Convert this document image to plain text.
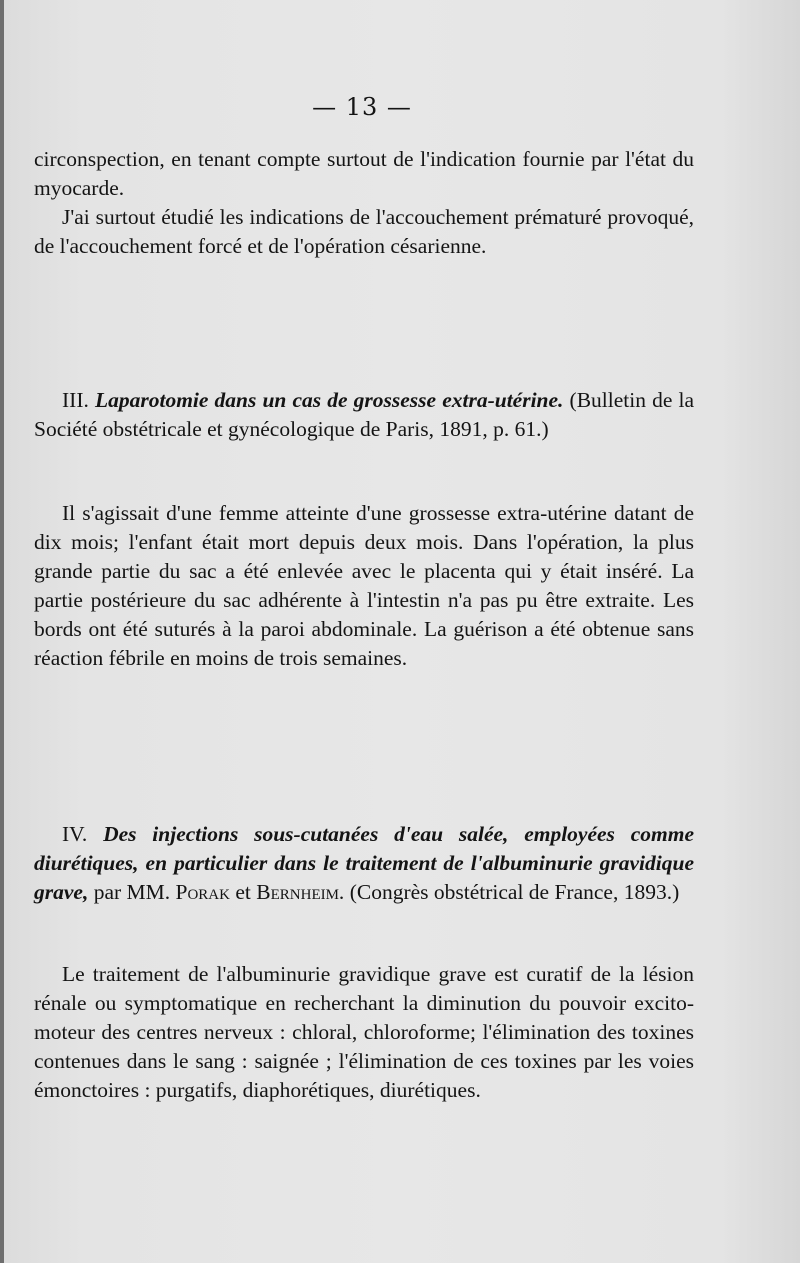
— 13 —

circonspection, en tenant compte surtout de l'indication fournie par l'état du myocarde.

J'ai surtout étudié les indications de l'accouchement prématuré provoqué, de l'accouchement forcé et de l'opération césarienne.

III. Laparotomie dans un cas de grossesse extra-utérine. (Bulletin de la Société obstétricale et gynécologique de Paris, 1891, p. 61.)

Il s'agissait d'une femme atteinte d'une grossesse extra-utérine datant de dix mois; l'enfant était mort depuis deux mois. Dans l'opération, la plus grande partie du sac a été enlevée avec le placenta qui y était inséré. La partie postérieure du sac adhérente à l'intestin n'a pas pu être extraite. Les bords ont été suturés à la paroi abdominale. La guérison a été obtenue sans réaction fébrile en moins de trois semaines.

IV. Des injections sous-cutanées d'eau salée, employées comme diurétiques, en particulier dans le traitement de l'albuminurie gravidique grave, par MM. Porak et Bernheim. (Congrès obstétrical de France, 1893.)

Le traitement de l'albuminurie gravidique grave est curatif de la lésion rénale ou symptomatique en recherchant la diminution du pouvoir excito-moteur des centres nerveux : chloral, chloroforme; l'élimination des toxines contenues dans le sang : saignée ; l'élimination de ces toxines par les voies émonctoires : purgatifs, diaphorétiques, diurétiques.
